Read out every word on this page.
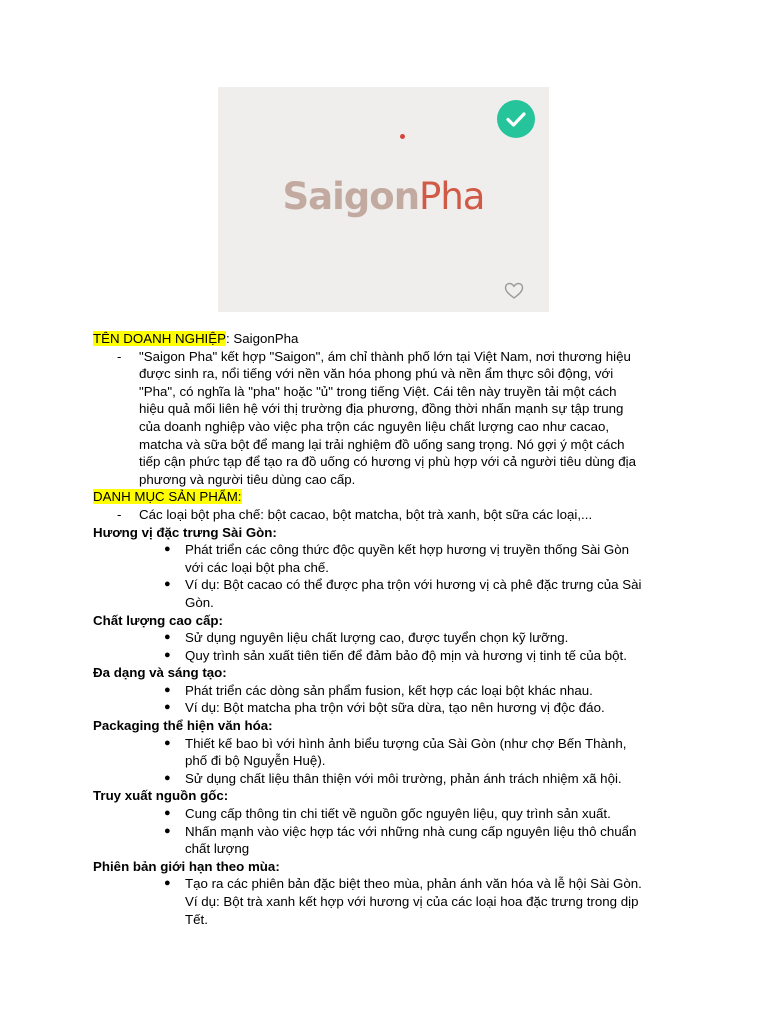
SaigonPha
TÊN DOANH NGHIỆP: SaigonPha
- "Saigon Pha" kết hợp "Saigon", ám chỉ thành phố lớn tại Việt Nam, nơi thương hiệu
được sinh ra, nổi tiếng với nền văn hóa phong phú và nền ẩm thực sôi động, với
"Pha", có nghĩa là "pha" hoặc "ủ" trong tiếng Việt. Cái tên này truyền tải một cách
hiệu quả mối liên hệ với thị trường địa phương, đồng thời nhấn mạnh sự tập trung
của doanh nghiệp vào việc pha trộn các nguyên liệu chất lượng cao như cacao,
matcha và sữa bột để mang lại trải nghiệm đồ uống sang trọng. Nó gợi ý một cách
tiếp cận phức tạp để tạo ra đồ uống có hương vị phù hợp với cả người tiêu dùng địa
phương và người tiêu dùng cao cấp.
DANH MỤC SẢN PHẨM:
- Các loại bột pha chế: bột cacao, bột matcha, bột trà xanh, bột sữa các loại,...
Hương vị đặc trưng Sài Gòn:
● Phát triển các công thức độc quyền kết hợp hương vị truyền thống Sài Gòn
với các loại bột pha chế.
● Ví dụ: Bột cacao có thể được pha trộn với hương vị cà phê đặc trưng của Sài
Gòn.
Chất lượng cao cấp:
● Sử dụng nguyên liệu chất lượng cao, được tuyển chọn kỹ lưỡng.
● Quy trình sản xuất tiên tiến để đảm bảo độ mịn và hương vị tinh tế của bột.
Đa dạng và sáng tạo:
● Phát triển các dòng sản phẩm fusion, kết hợp các loại bột khác nhau.
● Ví dụ: Bột matcha pha trộn với bột sữa dừa, tạo nên hương vị độc đáo.
Packaging thể hiện văn hóa:
● Thiết kế bao bì với hình ảnh biểu tượng của Sài Gòn (như chợ Bến Thành,
phố đi bộ Nguyễn Huệ).
● Sử dụng chất liệu thân thiện với môi trường, phản ánh trách nhiệm xã hội.
Truy xuất nguồn gốc:
● Cung cấp thông tin chi tiết về nguồn gốc nguyên liệu, quy trình sản xuất.
● Nhấn mạnh vào việc hợp tác với những nhà cung cấp nguyên liệu thô chuẩn
chất lượng
Phiên bản giới hạn theo mùa:
● Tạo ra các phiên bản đặc biệt theo mùa, phản ánh văn hóa và lễ hội Sài Gòn.
Ví dụ: Bột trà xanh kết hợp với hương vị của các loại hoa đặc trưng trong dịp
Tết.
